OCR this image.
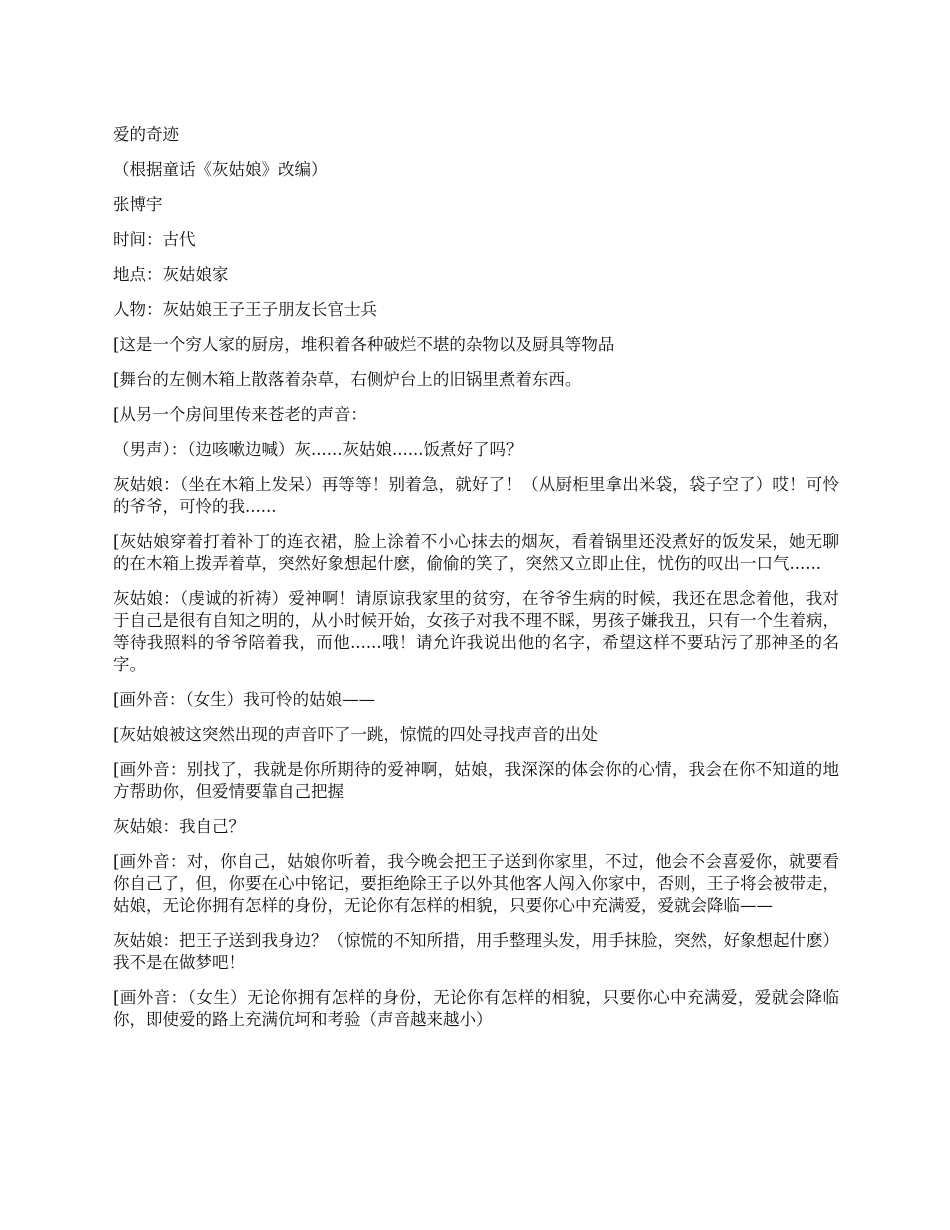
爱的奇迹

（根据童话《灰姑娘》改编）

张博宇

时间：古代

地点：灰姑娘家

人物：灰姑娘王子王子朋友长官士兵

[这是一个穷人家的厨房，堆积着各种破烂不堪的杂物以及厨具等物品

[舞台的左侧木箱上散落着杂草，右侧炉台上的旧锅里煮着东西。

[从另一个房间里传来苍老的声音：

（男声）：（边咳嗽边喊）灰......灰姑娘......饭煮好了吗？

灰姑娘：（坐在木箱上发呆）再等等！别着急，就好了！（从厨柜里拿出米袋，袋子空了）哎！可怜的爷爷，可怜的我......

[灰姑娘穿着打着补丁的连衣裙，脸上涂着不小心抹去的烟灰，看着锅里还没煮好的饭发呆，她无聊的在木箱上拨弄着草，突然好象想起什麽，偷偷的笑了，突然又立即止住，忧伤的叹出一口气......

灰姑娘：（虔诚的祈祷）爱神啊！请原谅我家里的贫穷，在爷爷生病的时候，我还在思念着他，我对于自己是很有自知之明的，从小时候开始，女孩子对我不理不睬，男孩子嫌我丑，只有一个生着病，等待我照料的爷爷陪着我，而他......哦！请允许我说出他的名字，希望这样不要玷污了那神圣的名字。

[画外音：（女生）我可怜的姑娘——

[灰姑娘被这突然出现的声音吓了一跳，惊慌的四处寻找声音的出处

[画外音：别找了，我就是你所期待的爱神啊，姑娘，我深深的体会你的心情，我会在你不知道的地方帮助你，但爱情要靠自己把握

灰姑娘：我自己？

[画外音：对，你自己，姑娘你听着，我今晚会把王子送到你家里，不过，他会不会喜爱你，就要看你自己了，但，你要在心中铭记，要拒绝除王子以外其他客人闯入你家中，否则，王子将会被带走，姑娘，无论你拥有怎样的身份，无论你有怎样的相貌，只要你心中充满爱，爱就会降临——

灰姑娘：把王子送到我身边？（惊慌的不知所措，用手整理头发，用手抹脸，突然，好象想起什麽）我不是在做梦吧！

[画外音：（女生）无论你拥有怎样的身份，无论你有怎样的相貌，只要你心中充满爱，爱就会降临你，即使爱的路上充满伉坷和考验（声音越来越小）
